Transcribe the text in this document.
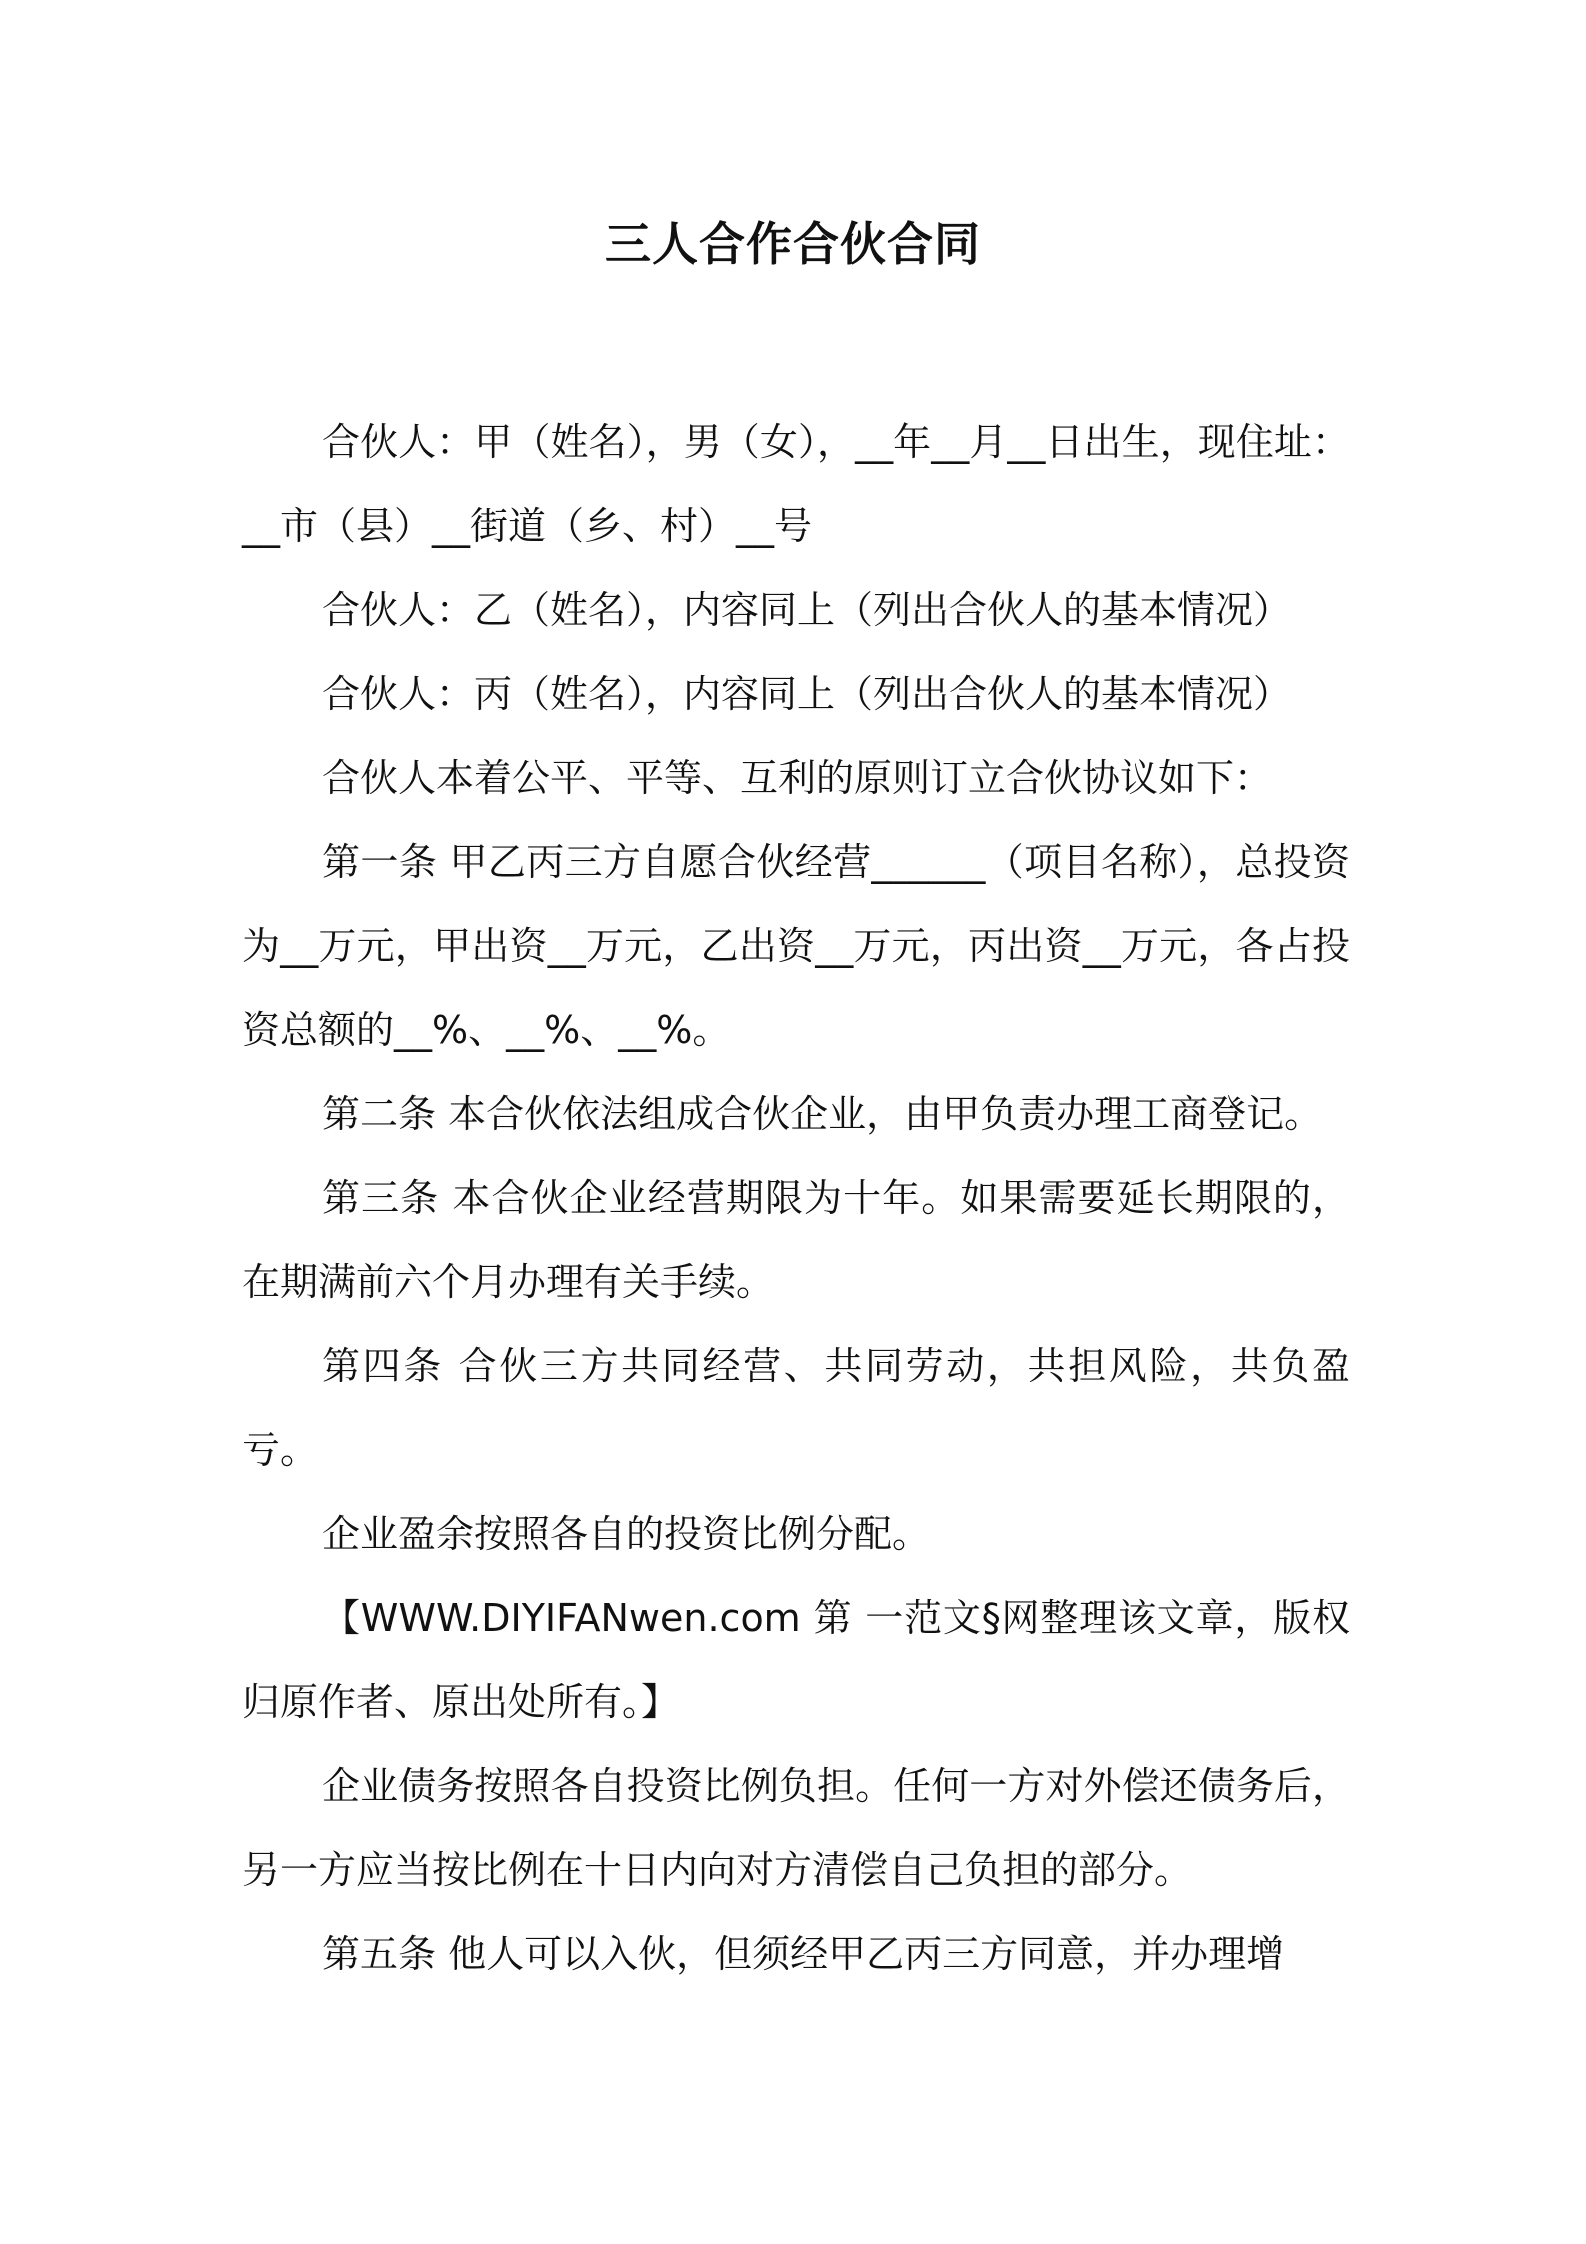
三人合作合伙合同

合伙人：甲（姓名），男（女），__年__月__日出生，现住址：__市（县）__街道（乡、村）__号

合伙人：乙（姓名），内容同上（列出合伙人的基本情况）

合伙人：丙（姓名），内容同上（列出合伙人的基本情况）

合伙人本着公平、平等、互利的原则订立合伙协议如下：

第一条 甲乙丙三方自愿合伙经营______（项目名称），总投资为__万元，甲出资__万元，乙出资__万元，丙出资__万元，各占投资总额的__%、__%、__%。

第二条 本合伙依法组成合伙企业，由甲负责办理工商登记。

第三条 本合伙企业经营期限为十年。如果需要延长期限的，在期满前六个月办理有关手续。

第四条 合伙三方共同经营、共同劳动，共担风险，共负盈亏。

企业盈余按照各自的投资比例分配。

【WWW.DIYIFANwen.com 第 一范文§网整理该文章，版权归原作者、原出处所有。】

企业债务按照各自投资比例负担。任何一方对外偿还债务后，另一方应当按比例在十日内向对方清偿自己负担的部分。

第五条 他人可以入伙，但须经甲乙丙三方同意，并办理增
